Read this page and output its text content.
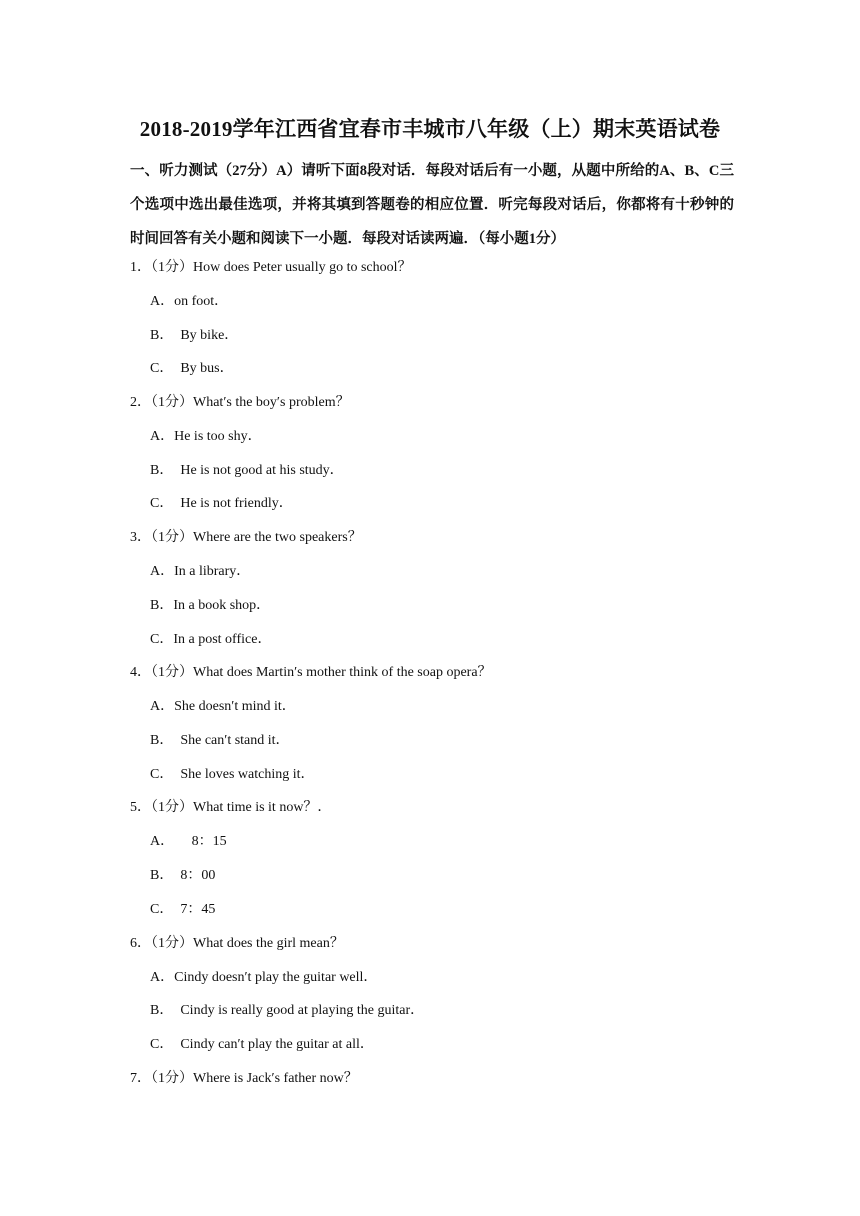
2018-2019学年江西省宜春市丰城市八年级（上）期末英语试卷
一、听力测试（27分）A）请听下面8段对话．每段对话后有一小题，从题中所给的A、B、C三个选项中选出最佳选项，并将其填到答题卷的相应位置．听完每段对话后，你都将有十秒钟的时间回答有关小题和阅读下一小题．每段对话读两遍．（每小题1分）
1．（1分）How does Peter usually go to school？
A．on foot．
B．  By bike．
C．  By bus．
2．（1分）What′s the boy′s problem？
A．He is too shy．
B．  He is not good at his study．
C．  He is not friendly．
3．（1分）Where are the two speakers？
A．In a library．
B．In a book shop．
C．In a post office．
4．（1分）What does Martin′s mother think of the soap opera？
A．She doesn′t mind it．
B．  She can′t stand it．
C．  She loves watching it．
5．（1分）What time is it now？．
A．     8：15
B．  8：00
C．  7：45
6．（1分）What does the girl mean？
A．Cindy doesn′t play the guitar well．
B．  Cindy is really good at playing the guitar．
C．  Cindy can′t play the guitar at all．
7．（1分）Where is Jack′s father now？
